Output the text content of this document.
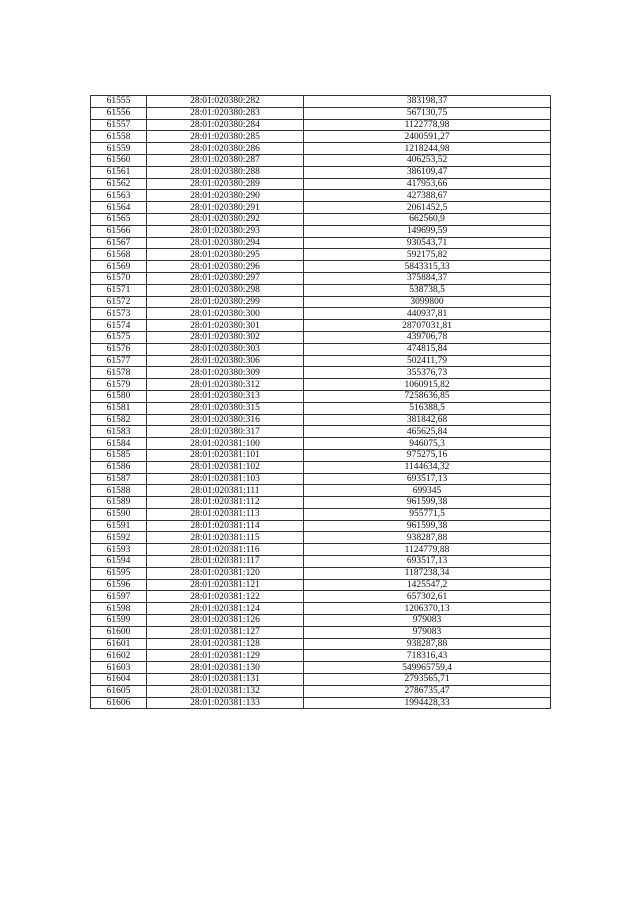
61555	28:01:020380:282	383198,37
61556	28:01:020380:283	567130,75
61557	28:01:020380:284	1122778,98
61558	28:01:020380:285	2400591,27
61559	28:01:020380:286	1218244,98
61560	28:01:020380:287	406253,52
61561	28:01:020380:288	386109,47
61562	28:01:020380:289	417953,66
61563	28:01:020380:290	427388,67
61564	28:01:020380:291	2061452,5
61565	28:01:020380:292	662560,9
61566	28:01:020380:293	149699,59
61567	28:01:020380:294	930543,71
61568	28:01:020380:295	592175,82
61569	28:01:020380:296	5843315,33
61570	28:01:020380:297	375884,37
61571	28:01:020380:298	538738,5
61572	28:01:020380:299	3099800
61573	28:01:020380:300	440937,81
61574	28:01:020380:301	28707031,81
61575	28:01:020380:302	439706,78
61576	28:01:020380:303	474815,84
61577	28:01:020380:306	502411,79
61578	28:01:020380:309	355376,73
61579	28:01:020380:312	1060915,82
61580	28:01:020380:313	7258636,85
61581	28:01:020380:315	516388,5
61582	28:01:020380:316	381842,68
61583	28:01:020380:317	465625,84
61584	28:01:020381:100	946075,3
61585	28:01:020381:101	975275,16
61586	28:01:020381:102	1144634,32
61587	28:01:020381:103	693517,13
61588	28:01:020381:111	699345
61589	28:01:020381:112	961599,38
61590	28:01:020381:113	955771,5
61591	28:01:020381:114	961599,38
61592	28:01:020381:115	938287,88
61593	28:01:020381:116	1124779,88
61594	28:01:020381:117	693517,13
61595	28:01:020381:120	1187238,34
61596	28:01:020381:121	1425547,2
61597	28:01:020381:122	657302,61
61598	28:01:020381:124	1206370,13
61599	28:01:020381:126	979083
61600	28:01:020381:127	979083
61601	28:01:020381:128	938287,88
61602	28:01:020381:129	718316,43
61603	28:01:020381:130	549965759,4
61604	28:01:020381:131	2793565,71
61605	28:01:020381:132	2786735,47
61606	28:01:020381:133	1994428,33
